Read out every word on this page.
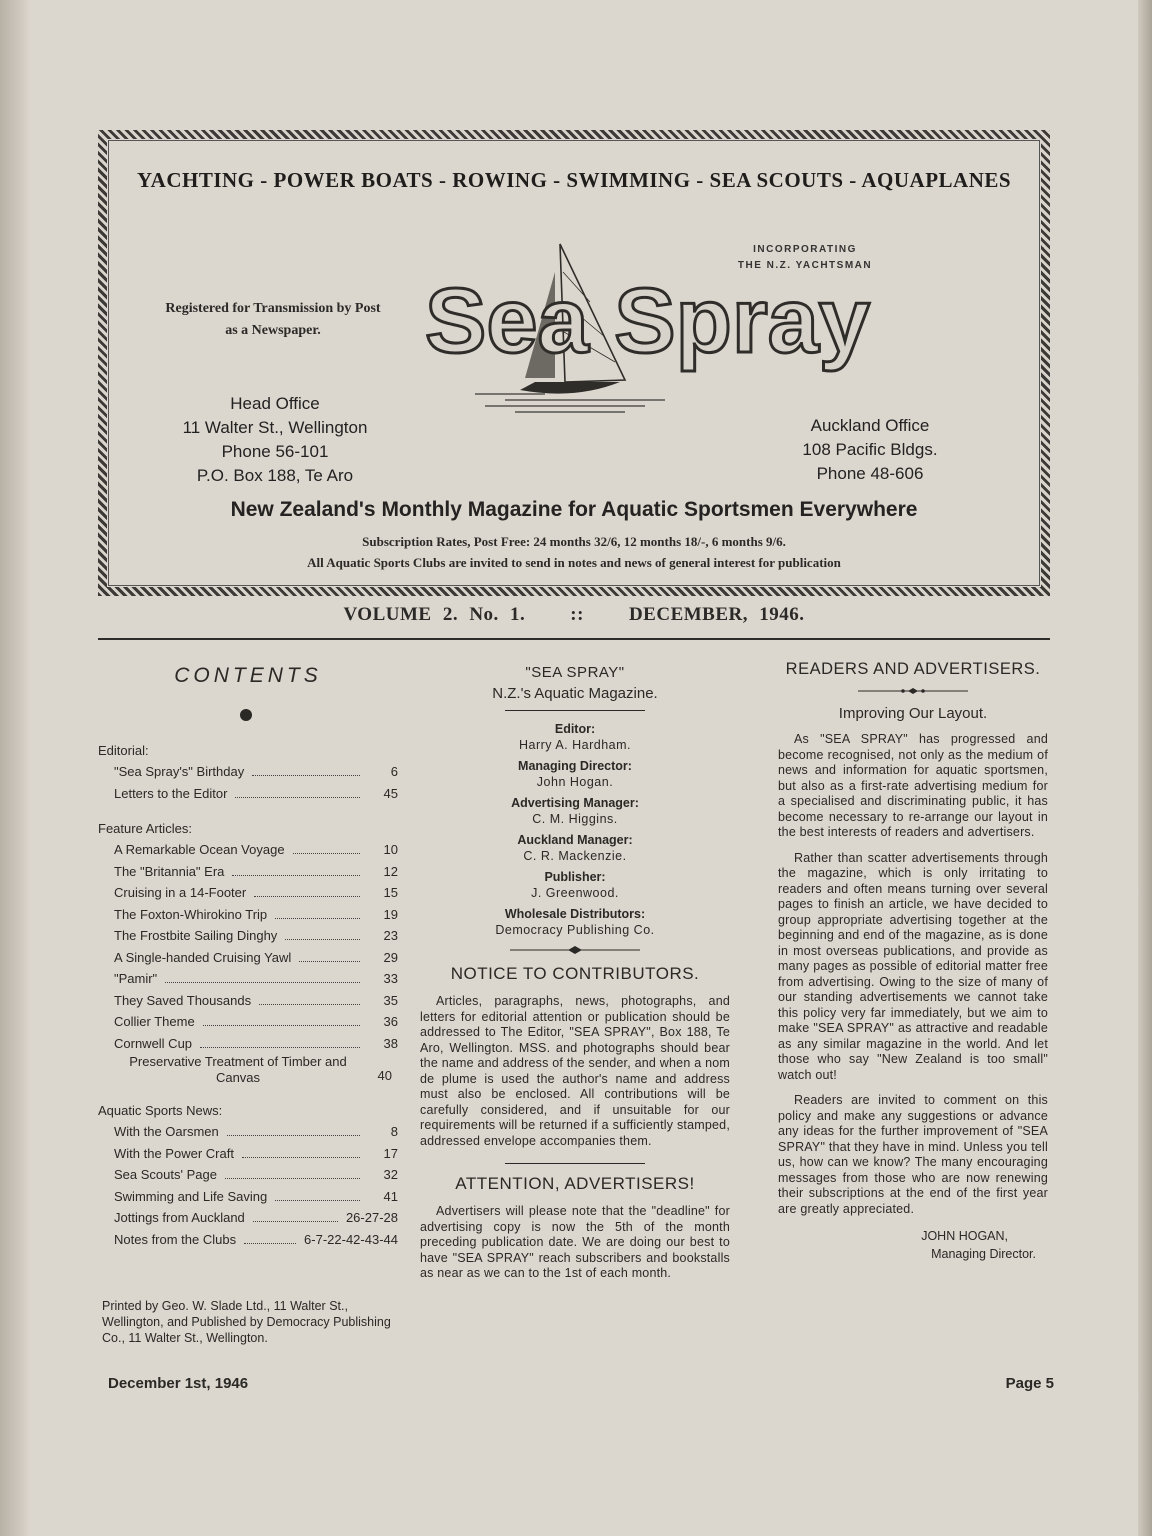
YACHTING - POWER BOATS - ROWING - SWIMMING - SEA SCOUTS - AQUAPLANES
Sea Spray
INCORPORATING
THE N.Z. YACHTSMAN
Registered for Transmission by Post
as a Newspaper.
Head Office
11 Walter St., Wellington
Phone 56-101
P.O. Box 188, Te Aro
Auckland Office
108 Pacific Bldgs.
Phone 48-606
New Zealand's Monthly Magazine for Aquatic Sportsmen Everywhere
Subscription Rates, Post Free: 24 months 32/6, 12 months 18/-, 6 months 9/6.
All Aquatic Sports Clubs are invited to send in notes and news of general interest for publication
VOLUME 2. No. 1.    ::    DECEMBER, 1946.
CONTENTS
Editorial:
"Sea Spray's" Birthday	6
Letters to the Editor	45
Feature Articles:
A Remarkable Ocean Voyage	10
The "Britannia" Era	12
Cruising in a 14-Footer	15
The Foxton-Whirokino Trip	19
The Frostbite Sailing Dinghy	23
A Single-handed Cruising Yawl	29
"Pamir"	33
They Saved Thousands	35
Collier Theme	36
Cornwell Cup	38
Preservative Treatment of Timber and Canvas	40
Aquatic Sports News:
With the Oarsmen	8
With the Power Craft	17
Sea Scouts' Page	32
Swimming and Life Saving	41
Jottings from Auckland	26-27-28
Notes from the Clubs	6-7-22-42-43-44
Printed by Geo. W. Slade Ltd., 11 Walter St., Wellington, and Published by Democracy Publishing Co., 11 Walter St., Wellington.
"SEA SPRAY"
N.Z.'s Aquatic Magazine.
Editor:
Harry A. Hardham.
Managing Director:
John Hogan.
Advertising Manager:
C. M. Higgins.
Auckland Manager:
C. R. Mackenzie.
Publisher:
J. Greenwood.
Wholesale Distributors:
Democracy Publishing Co.
NOTICE TO CONTRIBUTORS.
Articles, paragraphs, news, photographs, and letters for editorial attention or publication should be addressed to The Editor, "SEA SPRAY", Box 188, Te Aro, Wellington. MSS. and photographs should bear the name and address of the sender, and when a nom de plume is used the author's name and address must also be enclosed. All contributions will be carefully considered, and if unsuitable for our requirements will be returned if a sufficiently stamped, addressed envelope accompanies them.
ATTENTION, ADVERTISERS!
Advertisers will please note that the "deadline" for advertising copy is now the 5th of the month preceding publication date. We are doing our best to have "SEA SPRAY" reach subscribers and bookstalls as near as we can to the 1st of each month.
READERS AND ADVERTISERS.
Improving Our Layout.

As "SEA SPRAY" has progressed and become recognised, not only as the medium of news and information for aquatic sportsmen, but also as a first-rate advertising medium for a specialised and discriminating public, it has become necessary to re-arrange our layout in the best interests of readers and advertisers.

Rather than scatter advertisements through the magazine, which is only irritating to readers and often means turning over several pages to finish an article, we have decided to group appropriate advertising together at the beginning and end of the magazine, as is done in most overseas publications, and provide as many pages as possible of editorial matter free from advertising. Owing to the size of many of our standing advertisements we cannot take this policy very far immediately, but we aim to make "SEA SPRAY" as attractive and readable as any similar magazine in the world. And let those who say "New Zealand is too small" watch out!

Readers are invited to comment on this policy and make any suggestions or advance any ideas for the further improvement of "SEA SPRAY" that they have in mind. Unless you tell us, how can we know? The many encouraging messages from those who are now renewing their subscriptions at the end of the first year are greatly appreciated.

JOHN HOGAN,
Managing Director.
December 1st, 1946	Page 5
